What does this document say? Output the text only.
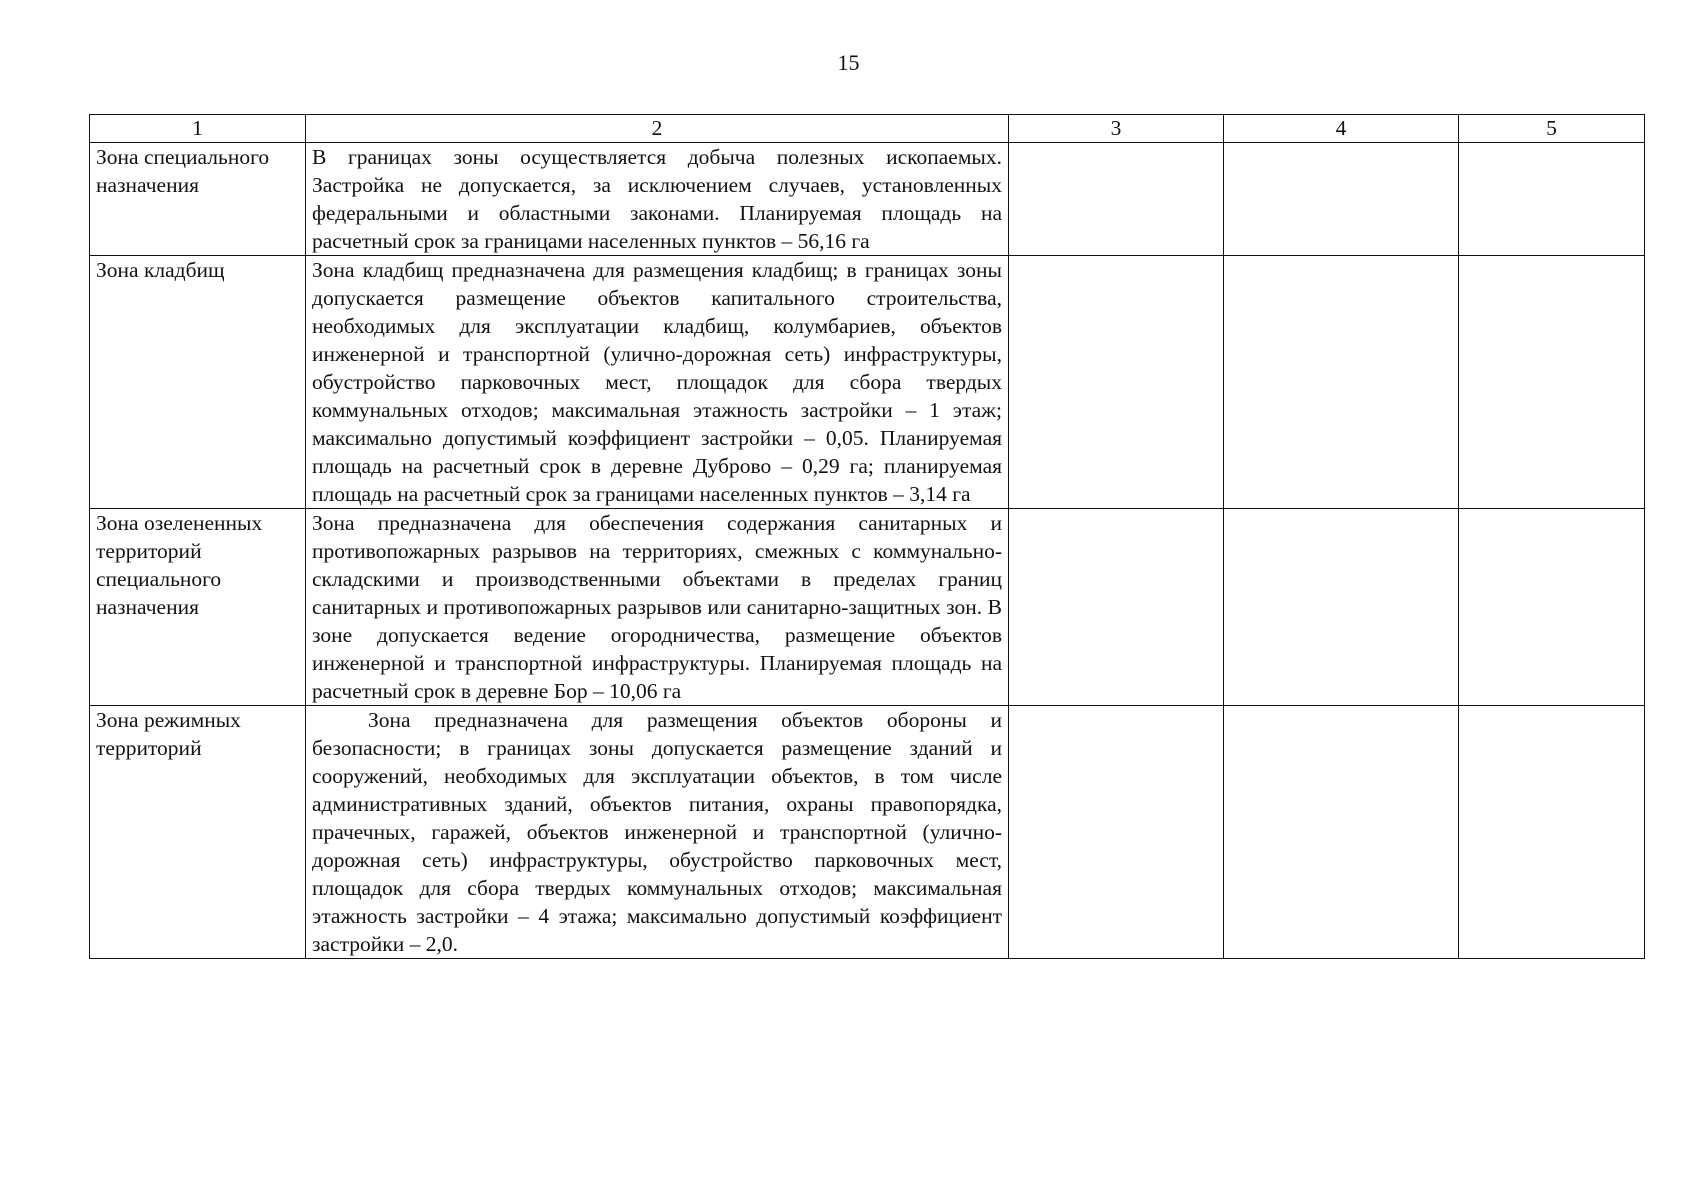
15
1	2	3	4	5
Зона специального назначения	В границах зоны осуществляется добыча полезных ископаемых. Застройка не допускается, за исключением случаев, установленных федеральными и областными законами. Планируемая площадь на расчетный срок за границами населенных пунктов – 56,16 га			

Зона кладбищ	Зона кладбищ предназначена для размещения кладбищ; в границах зоны допускается размещение объектов капитального строительства, необходимых для эксплуатации кладбищ, колумбариев, объектов инженерной и транспортной (улично-дорожная сеть) инфраструктуры, обустройство парковочных мест, площадок для сбора твердых коммунальных отходов; максимальная этажность застройки – 1 этаж; максимально допустимый коэффициент застройки – 0,05. Планируемая площадь на расчетный срок в деревне Дуброво – 0,29 га; планируемая площадь на расчетный срок за границами населенных пунктов – 3,14 га			

Зона озелененных территорий специального назначения	Зона предназначена для обеспечения содержания санитарных и противопожарных разрывов на территориях, смежных с коммунально-складскими и производственными объектами в пределах границ санитарных и противопожарных разрывов или санитарно-защитных зон. В зоне допускается ведение огородничества, размещение объектов инженерной и транспортной инфраструктуры. Планируемая площадь на расчетный срок в деревне Бор – 10,06 га			

Зона режимных территорий	Зона предназначена для размещения объектов обороны и безопасности; в границах зоны допускается размещение зданий и сооружений, необходимых для эксплуатации объектов, в том числе административных зданий, объектов питания, охраны правопорядка, прачечных, гаражей, объектов инженерной и транспортной (улично-дорожная сеть) инфраструктуры, обустройство парковочных мест, площадок для сбора твердых коммунальных отходов; максимальная этажность застройки – 4 этажа; максимально допустимый коэффициент застройки – 2,0.			
